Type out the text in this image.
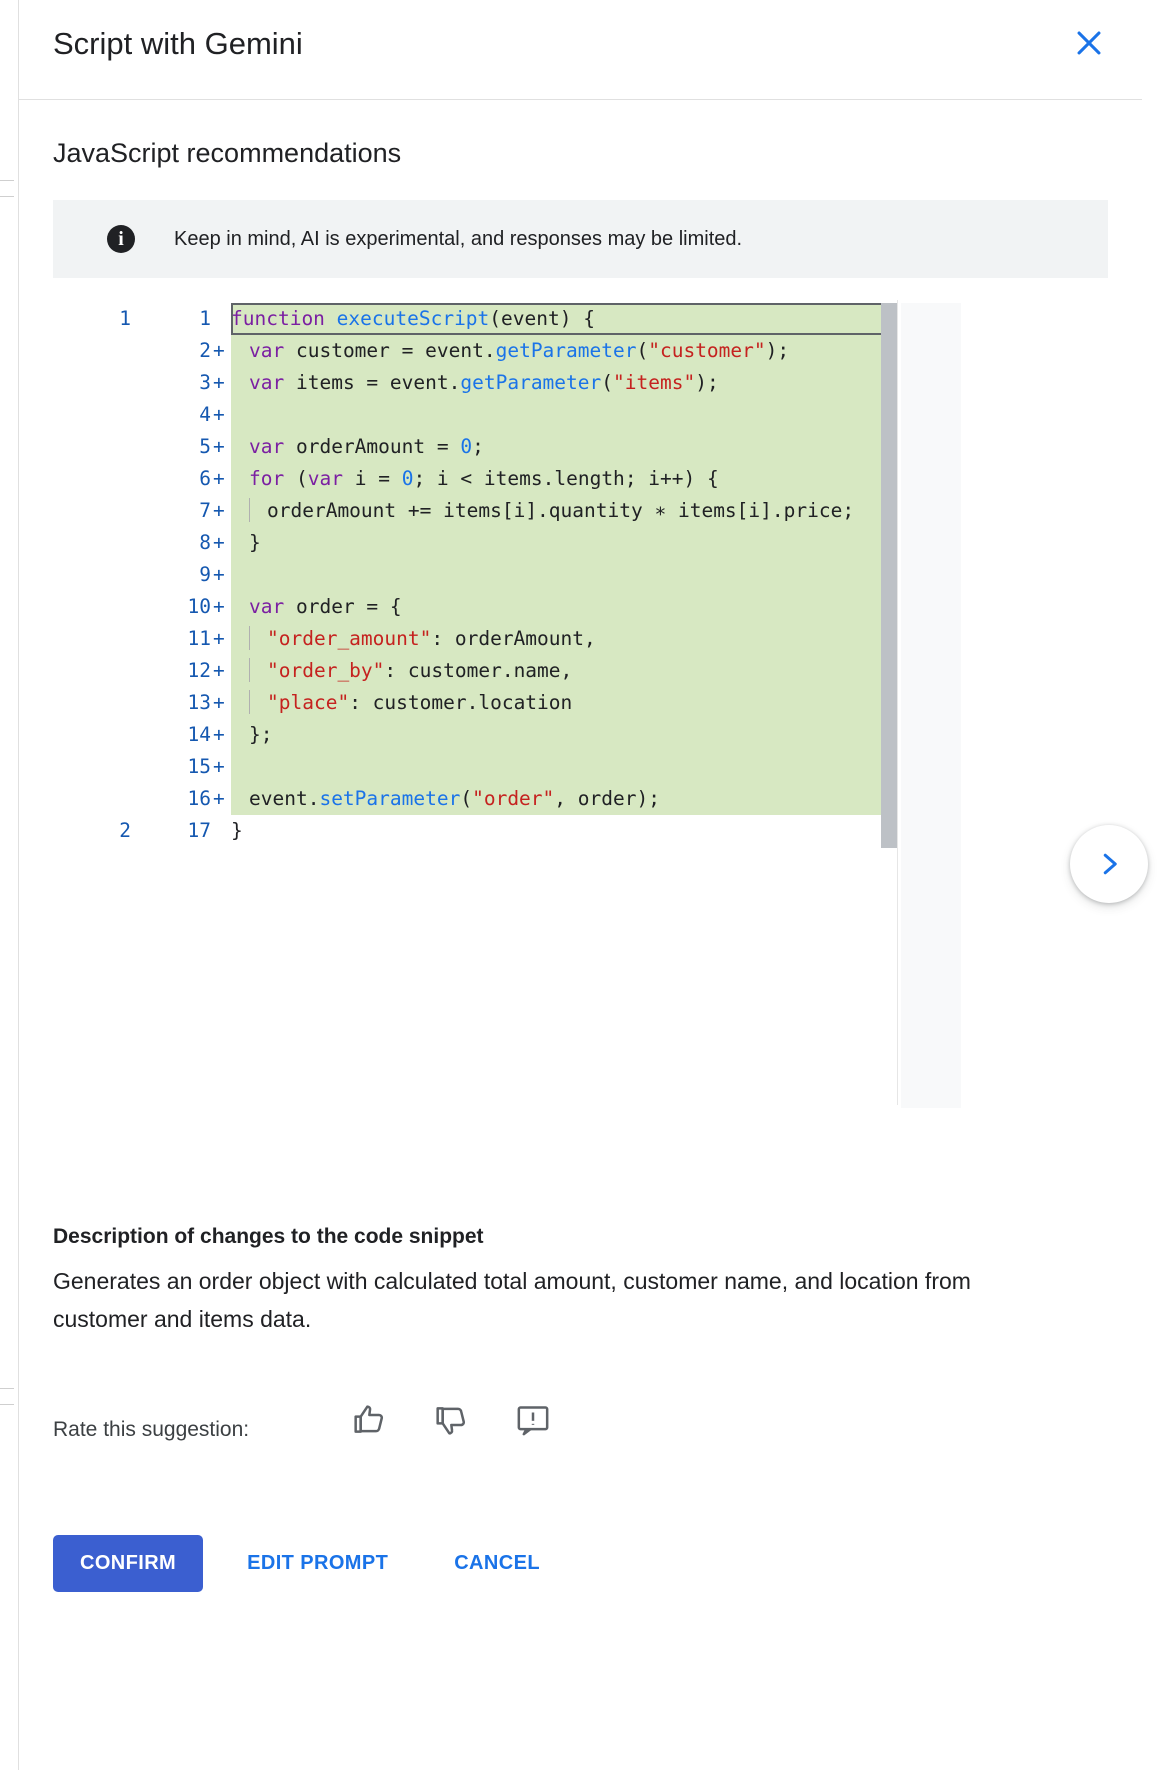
Script with Gemini
JavaScript recommendations
i	Keep in mind, AI is experimental, and responses may be limited.
1

2
1
2
3
4
5
6
7
8
9
10
11
12
13
14
15
16
17

+
+
+
+
+
+
+
+
+
+
+
+
+
+
+

function executeScript(event) {
var customer = event.getParameter("customer");
var items = event.getParameter("items");

var orderAmount = 0;
for (var i = 0; i < items.length; i++) {
orderAmount += items[i].quantity ∗ items[i].price;
}

var order = {
"order_amount": orderAmount,
"order_by": customer.name,
"place": customer.location
};

event.setParameter("order", order);
}
Description of changes to the code snippet
Generates an order object with calculated total amount, customer name, and location from customer and items data.
Rate this suggestion:
CONFIRM	EDIT PROMPT	CANCEL
